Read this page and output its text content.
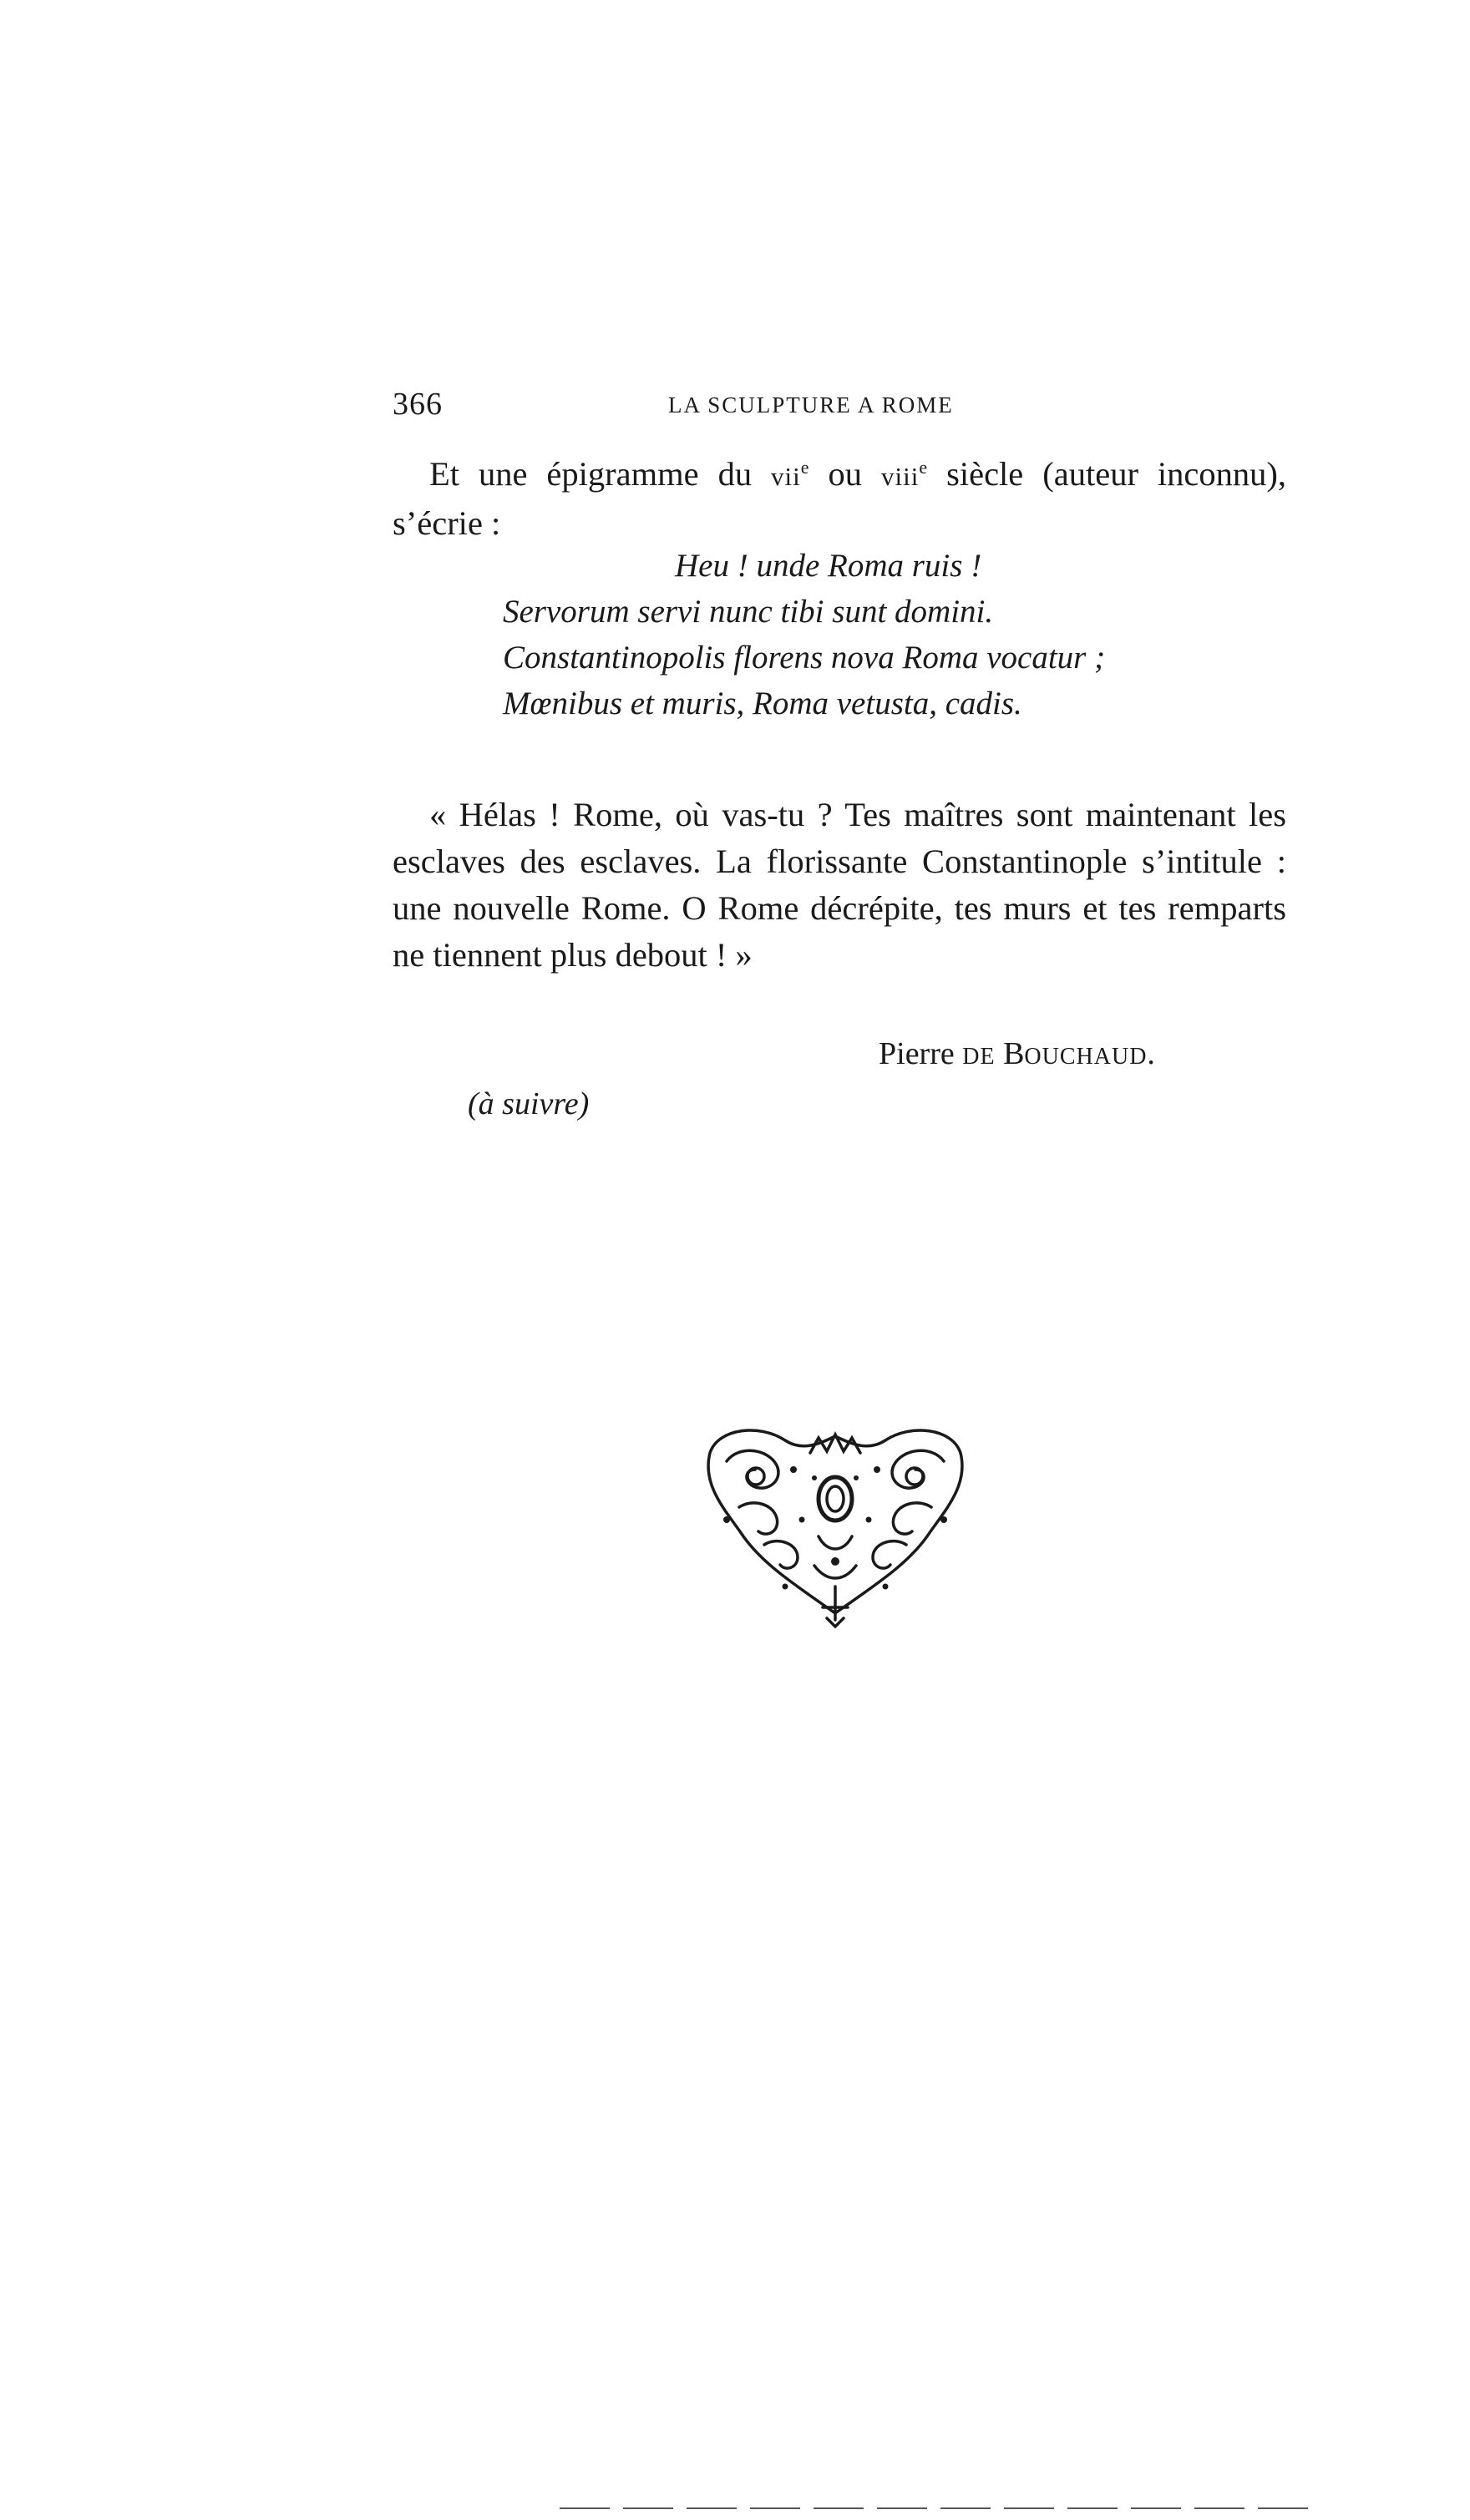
366	LA SCULPTURE A ROME

Et une épigramme du vii$^e$ ou viii$^e$ siècle (auteur inconnu), s’écrie :

Heu ! unde Roma ruis !
Servorum servi nunc tibi sunt domini.
Constantinopolis florens nova Roma vocatur ;
Mœnibus et muris, Roma vetusta, cadis.

« Hélas ! Rome, où vas-tu ? Tes maîtres sont maintenant les esclaves des esclaves. La florissante Constantinople s’intitule : une nouvelle Rome. O Rome décrépite, tes murs et tes remparts ne tiennent plus debout ! »

Pierre DE BOUCHAUD.
(à suivre)
